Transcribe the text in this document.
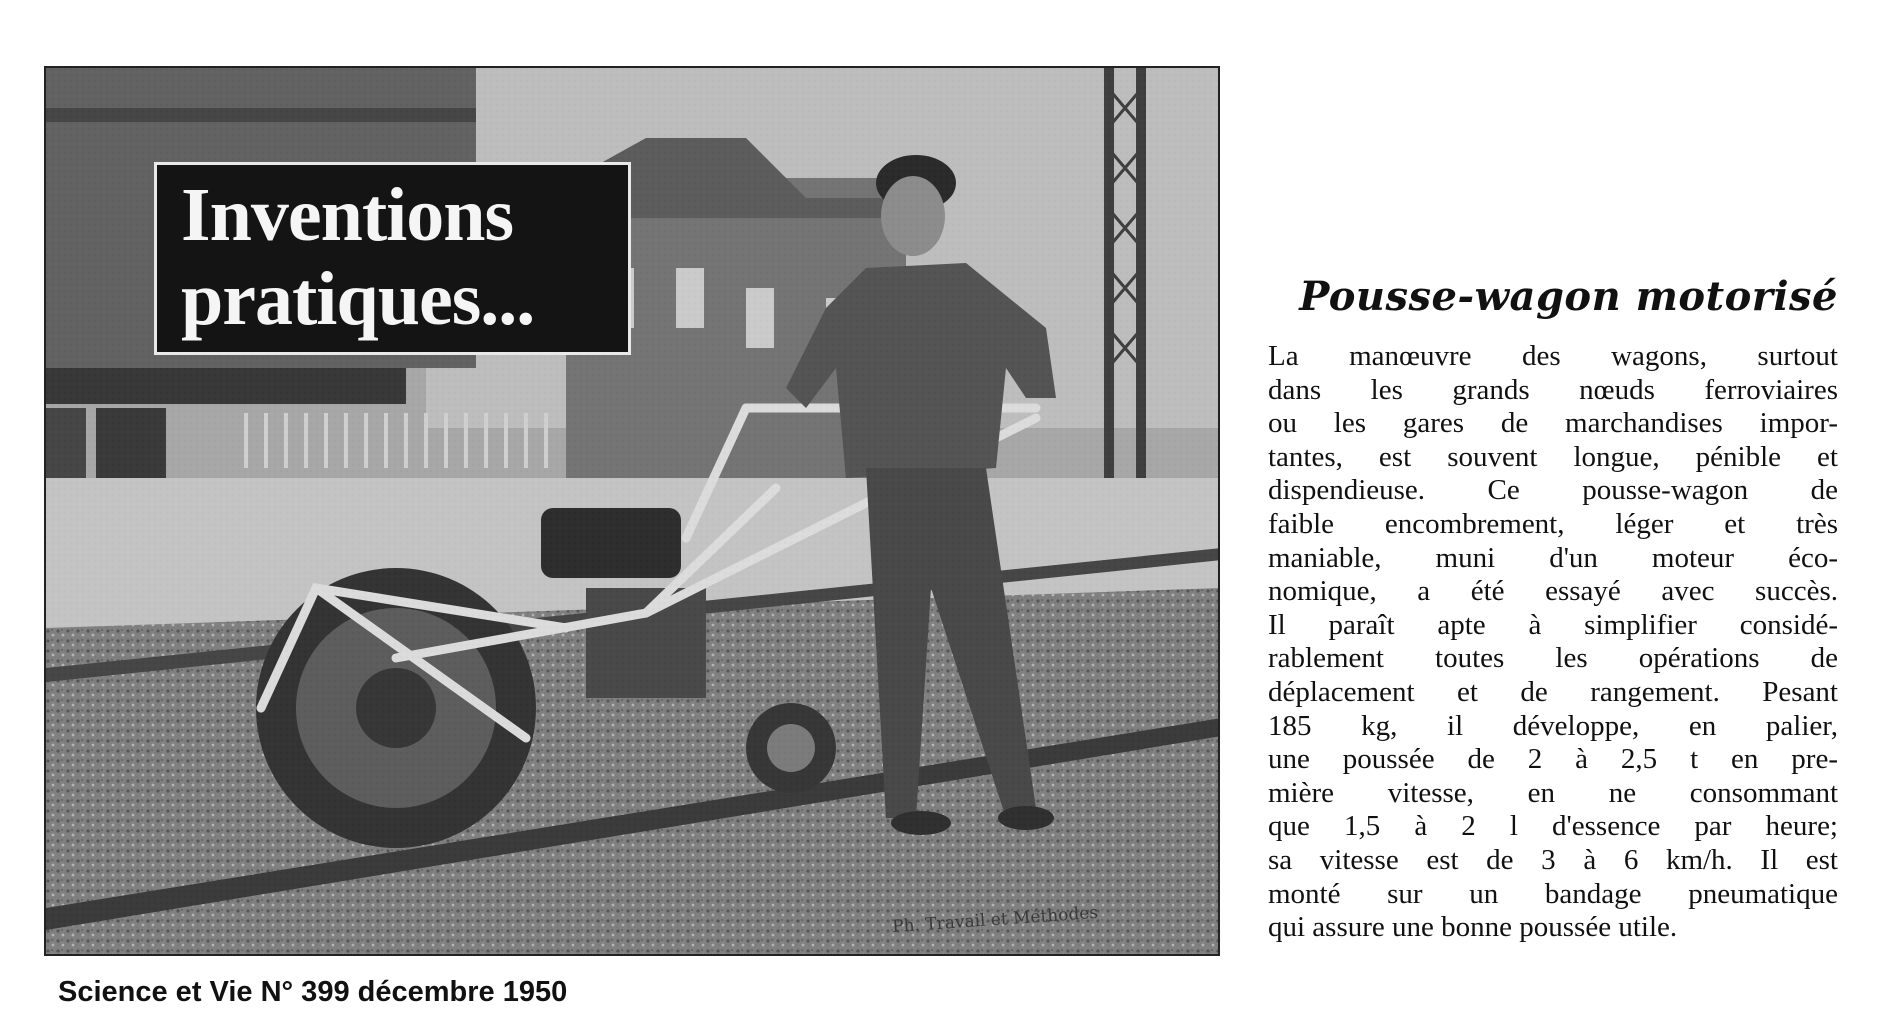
Inventions
pratiques...
Ph. Travail et Méthodes
Pousse-wagon motorisé
La manœuvre des wagons, surtout
dans les grands nœuds ferroviaires
ou les gares de marchandises impor-
tantes, est souvent longue, pénible et
dispendieuse. Ce pousse-wagon de
faible encombrement, léger et très
maniable, muni d'un moteur éco-
nomique, a été essayé avec succès.
Il paraît apte à simplifier considé-
rablement toutes les opérations de
déplacement et de rangement. Pesant
185 kg, il développe, en palier,
une poussée de 2 à 2,5 t en pre-
mière vitesse, en ne consommant
que 1,5 à 2 l d'essence par heure;
sa vitesse est de 3 à 6 km/h. Il est
monté sur un bandage pneumatique
qui assure une bonne poussée utile.
Science et Vie N° 399 décembre 1950
